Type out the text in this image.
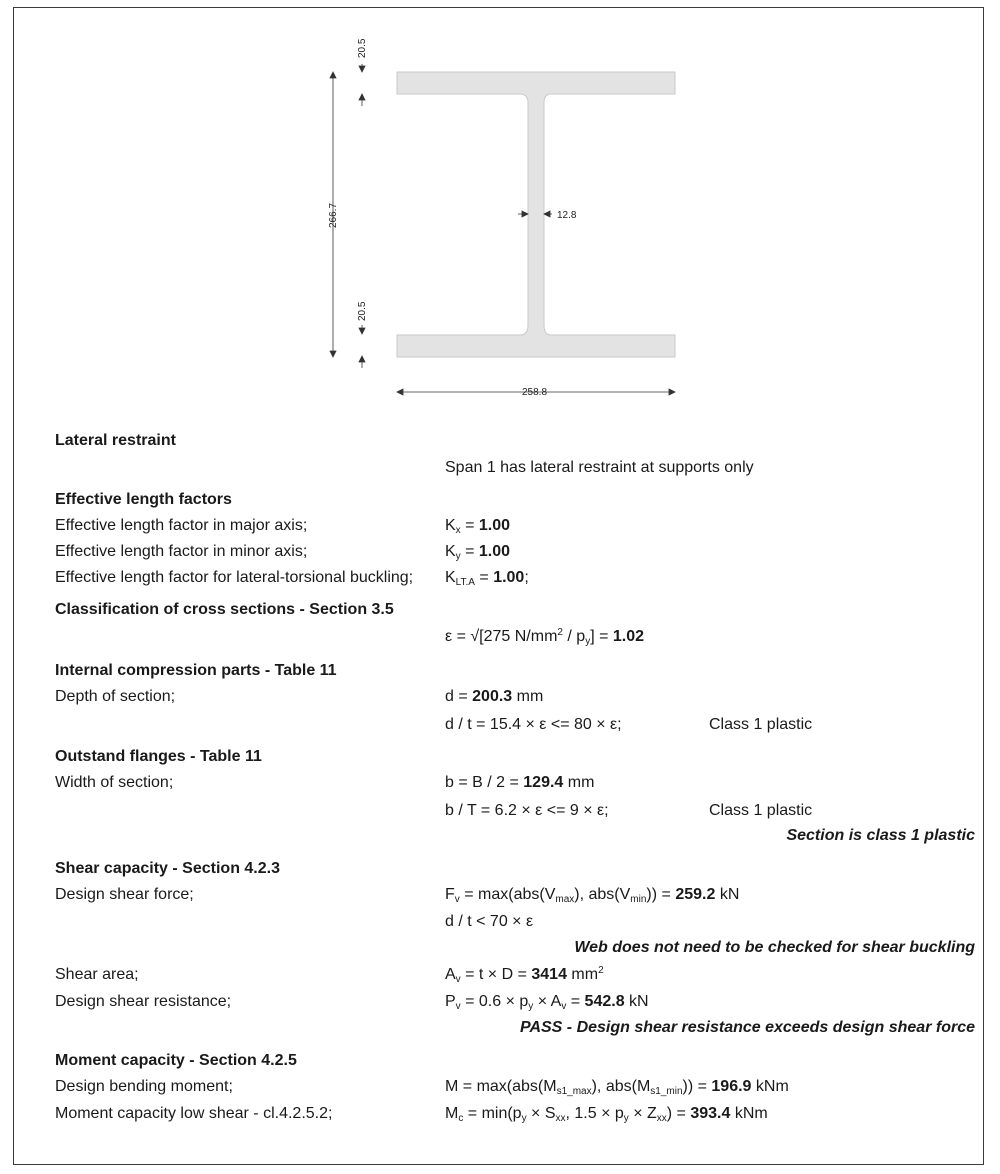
20.5
266.7	12.8
20.5
258.8
Lateral restraint
Span 1 has lateral restraint at supports only
Effective length factors
Effective length factor in major axis;	$K_x = 1.00$
Effective length factor in minor axis;	$K_y = 1.00$
Effective length factor for lateral-torsional buckling; $K_{LT.A} = 1.00$;
Classification of cross sections - Section 3.5
ε = √[275 $N/mm^2 / p_y] = 1.02$
Internal compression parts - Table 11
Depth of section;	d = 200.3 mm
d / t = 15.4 × ε <= 80 × ε;	Class 1 plastic
Outstand flanges - Table 11
Width of section;	b = B / 2 = 129.4 mm
b / T = 6.2 × ε <= 9 × ε;	Class 1 plastic
Section is class 1 plastic
Shear capacity - Section 4.2.3
Design shear force;	$F_v = \max(abs(V_{max})$, $abs(V_{min})) = 259.2$ kN
d / t < 70 × ε
Web does not need to be checked for shear buckling
Shear area;	$A_v = t \times D = 3414$ $mm^2$
Design shear resistance;	$P_v = 0.6 \times p_y \times A_v = 542.8$ kN
PASS - Design shear resistance exceeds design shear force
Moment capacity - Section 4.2.5
Design bending moment;	$M = \max(abs(M_{s1\_max})$, $abs(M_{s1\_min})) = 196.9$ kNm
Moment capacity low shear - cl.4.2.5.2;	$M_c = \min(p_y \times S_{xx}$, $1.5 \times p_y \times Z_{xx}) = 393.4$ kNm
